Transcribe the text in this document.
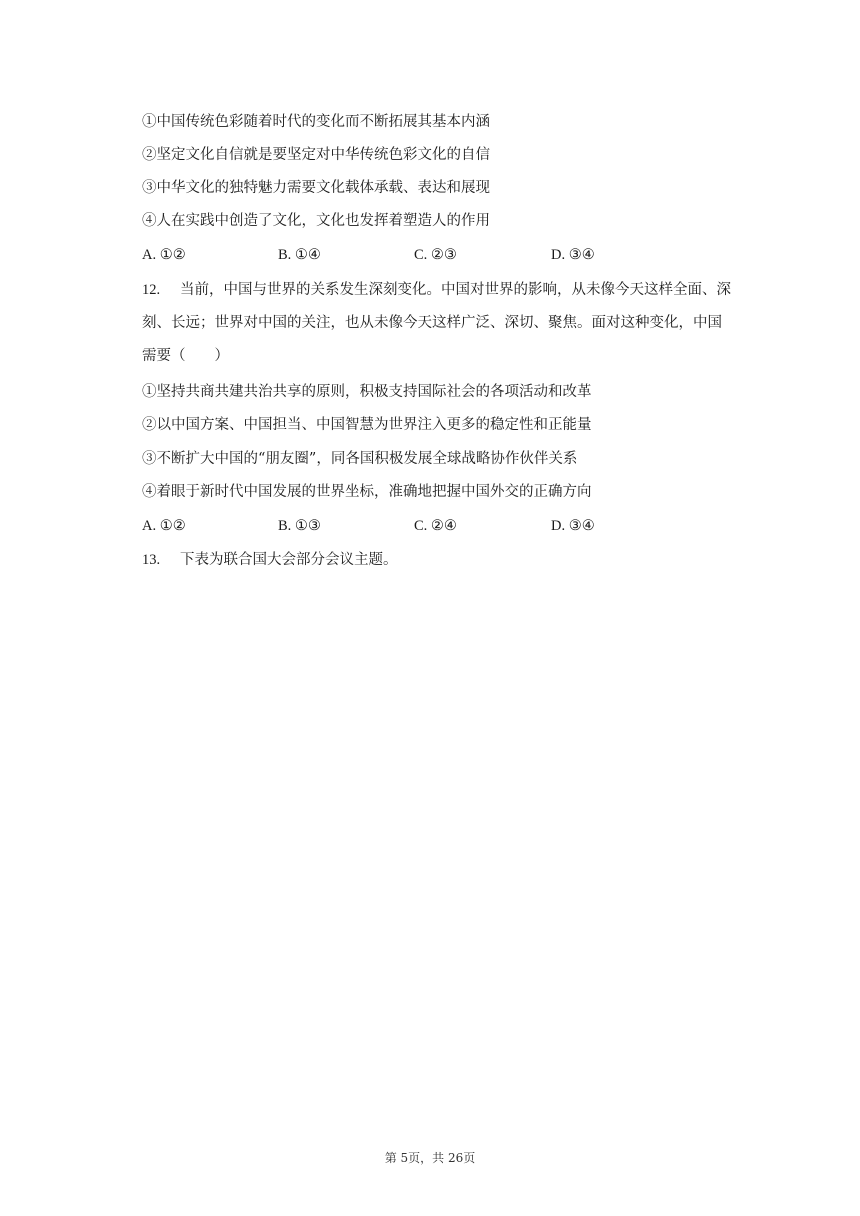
①中国传统色彩随着时代的变化而不断拓展其基本内涵
②坚定文化自信就是要坚定对中华传统色彩文化的自信
③中华文化的独特魅力需要文化载体承载、表达和展现
④人在实践中创造了文化，文化也发挥着塑造人的作用
A. ①②	B. ①④	C. ②③	D. ③④
12. 当前，中国与世界的关系发生深刻变化。中国对世界的影响，从未像今天这样全面、深
刻、长远；世界对中国的关注，也从未像今天这样广泛、深切、聚焦。面对这种变化，中国
需要（　　）
①坚持共商共建共治共享的原则，积极支持国际社会的各项活动和改革
②以中国方案、中国担当、中国智慧为世界注入更多的稳定性和正能量
③不断扩大中国的“朋友圈”，同各国积极发展全球战略协作伙伴关系
④着眼于新时代中国发展的世界坐标，准确地把握中国外交的正确方向
A. ①②	B. ①③	C. ②④	D. ③④
13. 下表为联合国大会部分会议主题。
第 5页，共 26页
